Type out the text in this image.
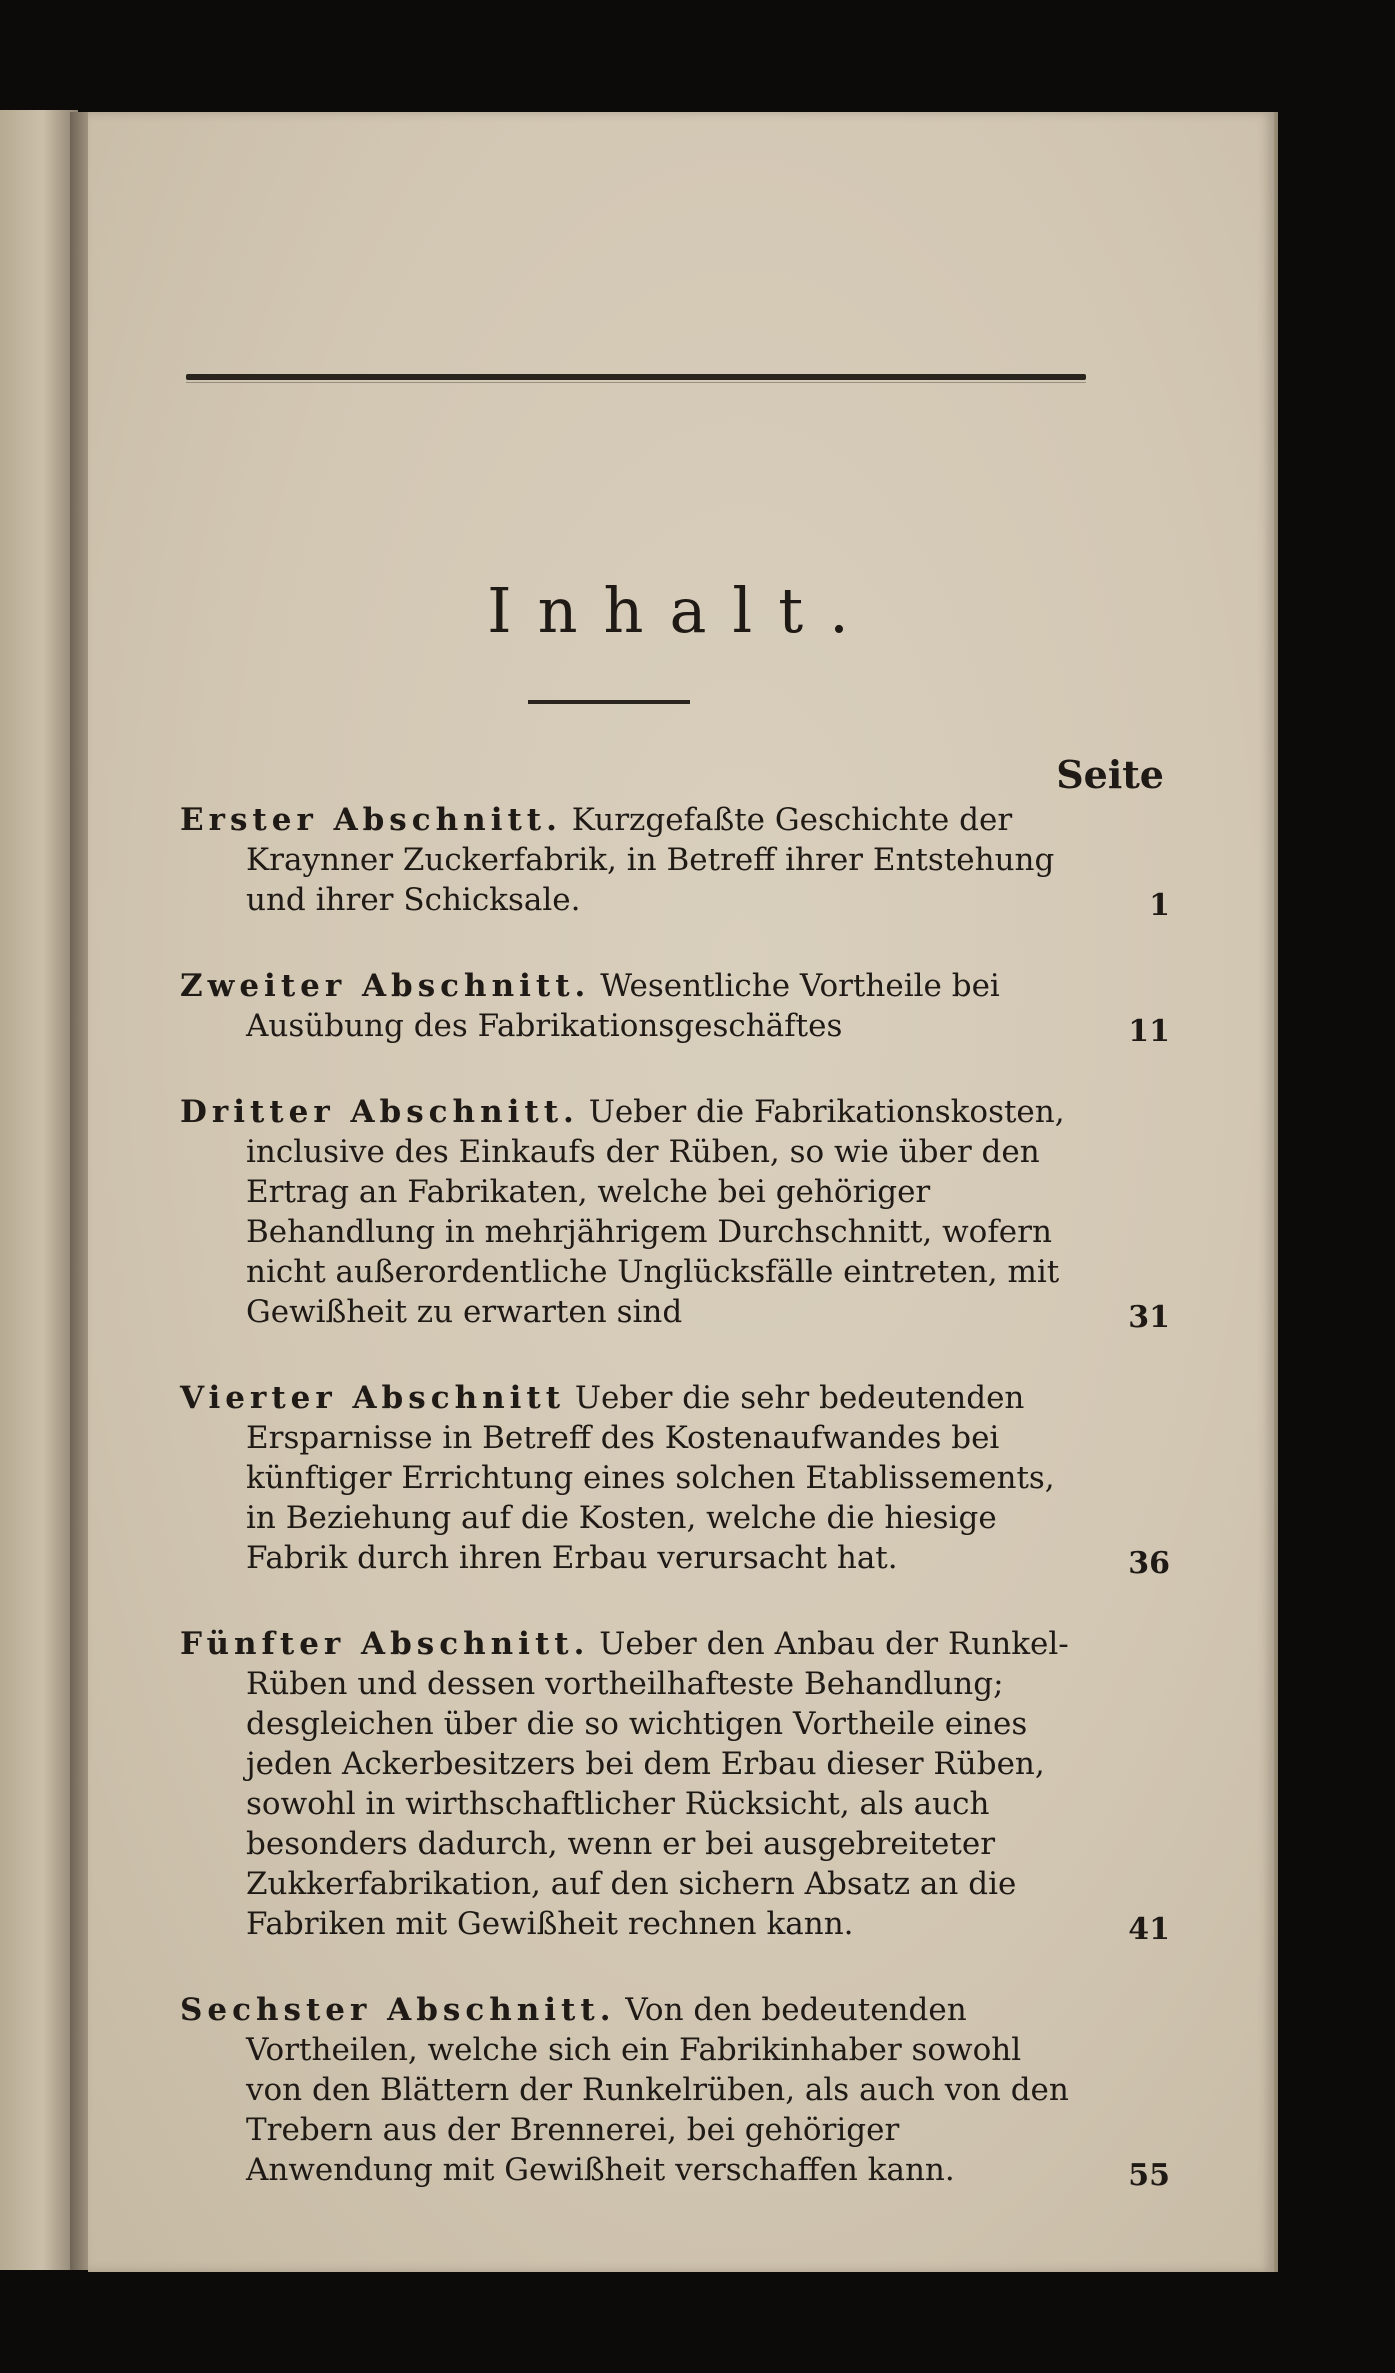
Inhalt.
Seite
Erster Abschnitt. Kurzgefaßte Geschichte der Kraynner Zuckerfabrik, in Betreff ihrer Entstehung und ihrer Schicksale.	1
Zweiter Abschnitt. Wesentliche Vortheile bei Ausübung des Fabrikationsgeschäftes	11
Dritter Abschnitt. Ueber die Fabrikationskosten, inclusive des Einkaufs der Rüben, so wie über den Ertrag an Fabrikaten, welche bei gehöriger Behandlung in mehrjährigem Durchschnitt, wofern nicht außerordentliche Unglücksfälle eintreten, mit Gewißheit zu erwarten sind	31
Vierter Abschnitt Ueber die sehr bedeutenden Ersparnisse in Betreff des Kostenaufwandes bei künftiger Errichtung eines solchen Etablissements, in Beziehung auf die Kosten, welche die hiesige Fabrik durch ihren Erbau verursacht hat.	36
Fünfter Abschnitt. Ueber den Anbau der Runkel-Rüben und dessen vortheilhafteste Behandlung; desgleichen über die so wichtigen Vortheile eines jeden Ackerbesitzers bei dem Erbau dieser Rüben, sowohl in wirthschaftlicher Rücksicht, als auch besonders dadurch, wenn er bei ausgebreiteter Zukkerfabrikation, auf den sichern Absatz an die Fabriken mit Gewißheit rechnen kann.	41
Sechster Abschnitt. Von den bedeutenden Vortheilen, welche sich ein Fabrikinhaber sowohl von den Blättern der Runkelrüben, als auch von den Trebern aus der Brennerei, bei gehöriger Anwendung mit Gewißheit verschaffen kann.	55
